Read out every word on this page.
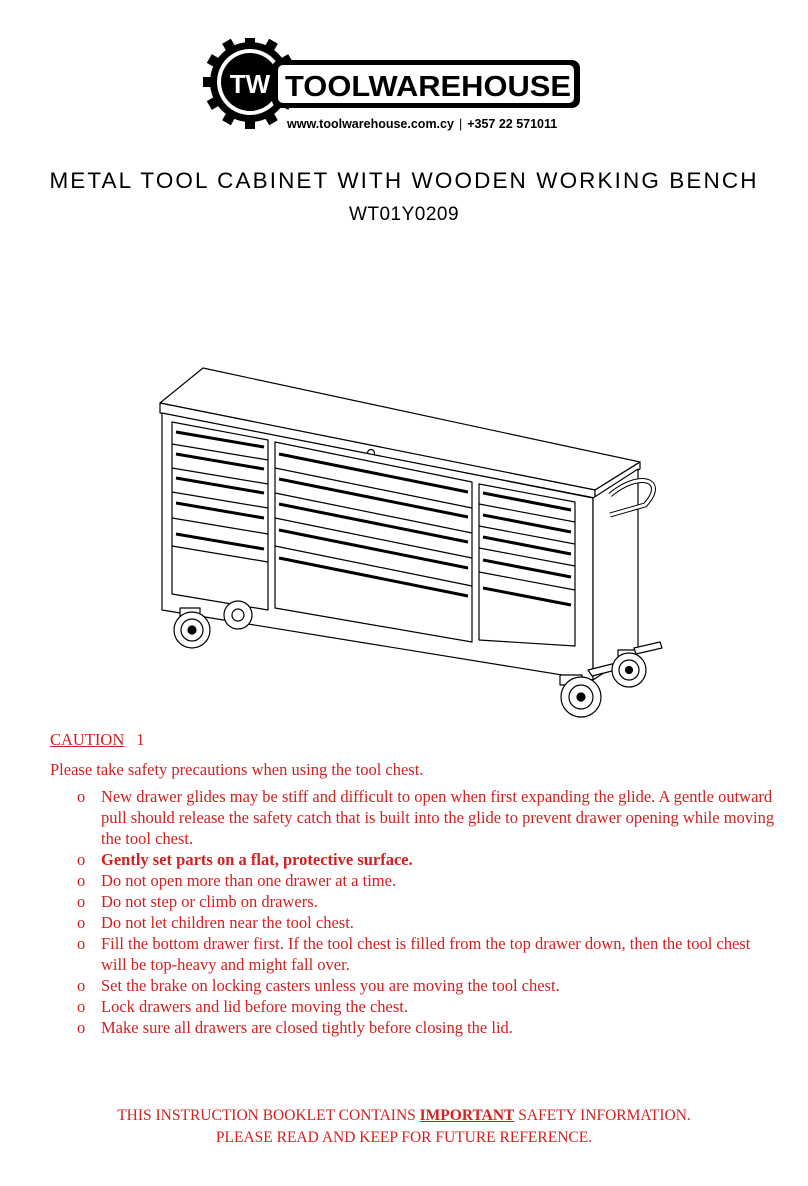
TW TOOLWAREHOUSE
www.toolwarehouse.com.cy | +357 22 571011
METAL TOOL CABINET WITH WOODEN WORKING BENCH
WT01Y0209
CAUTION 1
Please take safety precautions when using the tool chest.
o New drawer glides may be stiff and difficult to open when first expanding the glide. A gentle outward pull should release the safety catch that is built into the glide to prevent drawer opening while moving the tool chest.
o Gently set parts on a flat, protective surface.
o Do not open more than one drawer at a time.
o Do not step or climb on drawers.
o Do not let children near the tool chest.
o Fill the bottom drawer first. If the tool chest is filled from the top drawer down, then the tool chest will be top-heavy and might fall over.
o Set the brake on locking casters unless you are moving the tool chest.
o Lock drawers and lid before moving the chest.
o Make sure all drawers are closed tightly before closing the lid.
THIS INSTRUCTION BOOKLET CONTAINS IMPORTANT SAFETY INFORMATION.
PLEASE READ AND KEEP FOR FUTURE REFERENCE.
